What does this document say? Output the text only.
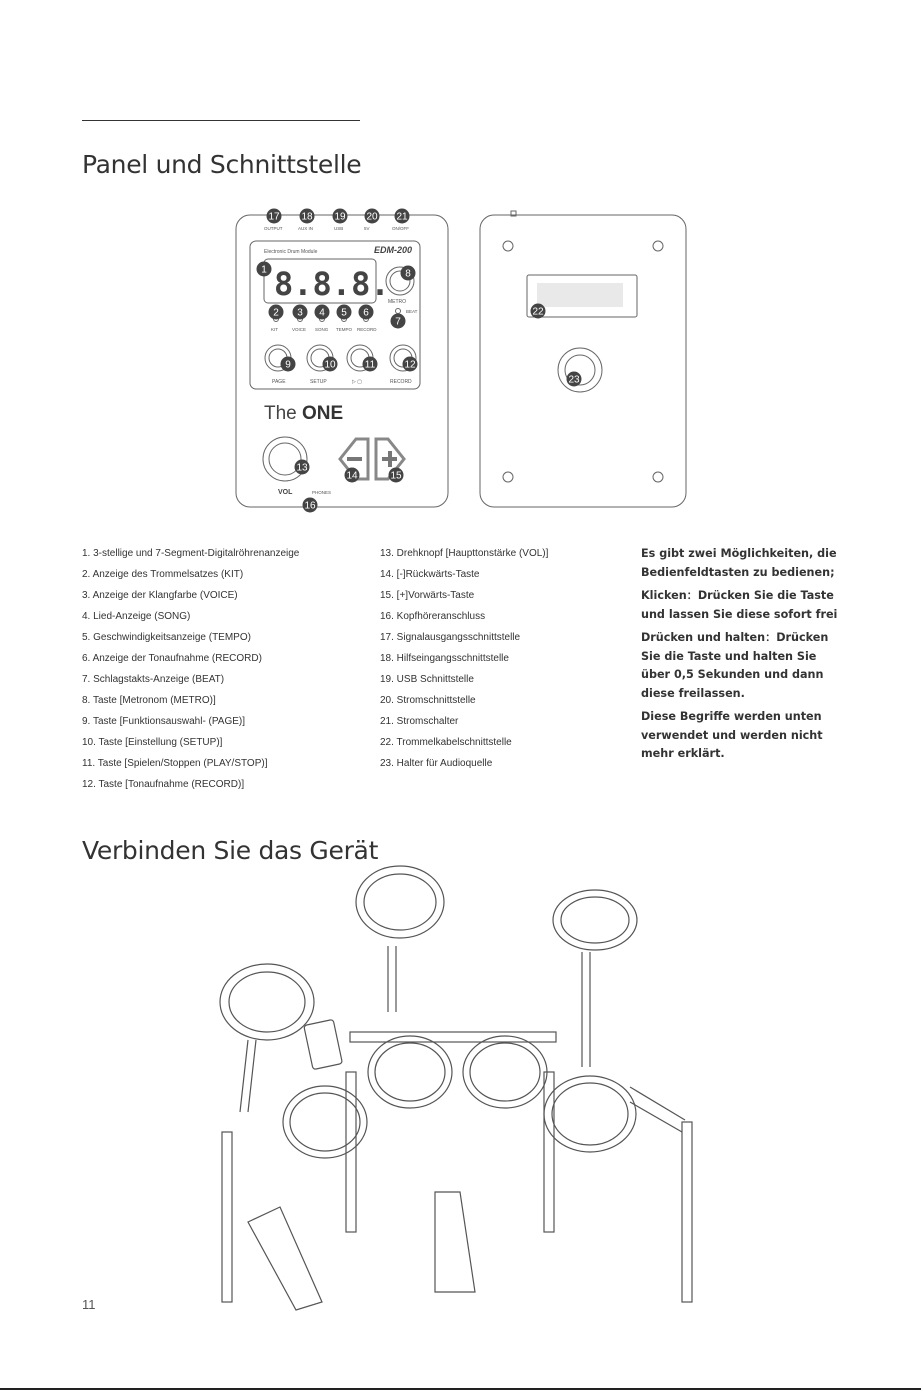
Panel und Schnittstelle
Electronic Drum Module	EDM-200
8.8.8.
METRO
BEAT
KIT	VOICE SONG TEMPO RECORD
PAGE	SETUP	▷ ▢	RECORD
The ONE
VOL	PHONES
OUTPUT	AUX IN	USB	5V	ON/OFF
1
2 3 4 5 6
7
8
9	10	11	12
13
14	15
16
17 18 19 20 21
22
23
1. 3-stellige und 7-Segment-Digitalröhrenanzeige
2. Anzeige des Trommelsatzes (KIT)
3. Anzeige der Klangfarbe (VOICE)
4. Lied-Anzeige (SONG)
5. Geschwindigkeitsanzeige (TEMPO)
6. Anzeige der Tonaufnahme (RECORD)
7. Schlagstakts-Anzeige (BEAT)
8. Taste [Metronom (METRO)]
9. Taste [Funktionsauswahl- (PAGE)]
10. Taste [Einstellung (SETUP)]
11. Taste [Spielen/Stoppen (PLAY/STOP)]
12. Taste [Tonaufnahme (RECORD)]
13. Drehknopf [Haupttonstärke (VOL)]
14. [-]Rückwärts-Taste
15. [+]Vorwärts-Taste
16. Kopfhöreranschluss
17. Signalausgangsschnittstelle
18. Hilfseingangsschnittstelle
19. USB Schnittstelle
20. Stromschnittstelle
21. Stromschalter
22. Trommelkabelschnittstelle
23. Halter für Audioquelle

Es gibt zwei Möglichkeiten, die Bedienfeldtasten zu bedienen;

Klicken：Drücken Sie die Taste und lassen Sie diese sofort frei

Drücken und halten：Drücken Sie die Taste und halten Sie über 0,5 Sekunden und dann diese freilassen.

Diese Begriffe werden unten verwendet und werden nicht mehr erklärt.

Verbinden Sie das Gerät
11
